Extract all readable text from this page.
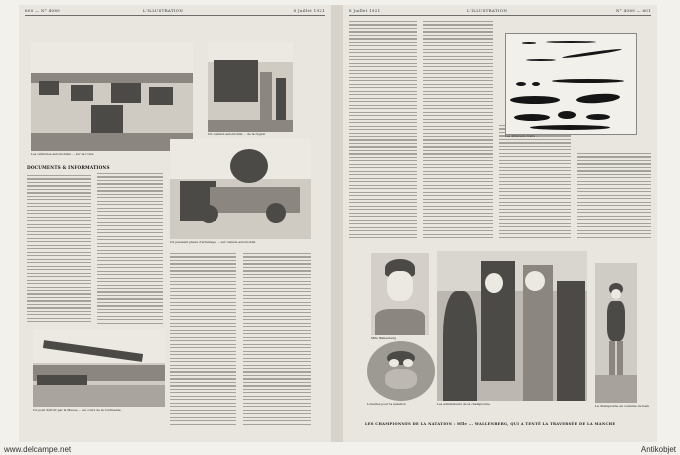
600 — N° 4089	L'ILLUSTRATION	8 Juillet 1921
Les véhicules automobiles ... sur la route
Un camion automobile ... de la région
Un puissant phare d'éclairage ... sur camion automobile
DOCUMENTS & INFORMATIONS
Un pont détruit par la Meuse ... au cours de la tourmente.
8 Juillet 1921	L'ILLUSTRATION	N° 4089 — 601
Les différents traits ...
Mlle Wallenberg
Lunettes pour la natation	Les admirateurs de la championne	La championne en costume de bain
LES CHAMPIONNES DE LA NATATION : Mlle ... WALLENBERG, QUI A TENTÉ LA TRAVERSÉE DE LA MANCHE
www.delcampe.net	Antikobjet
